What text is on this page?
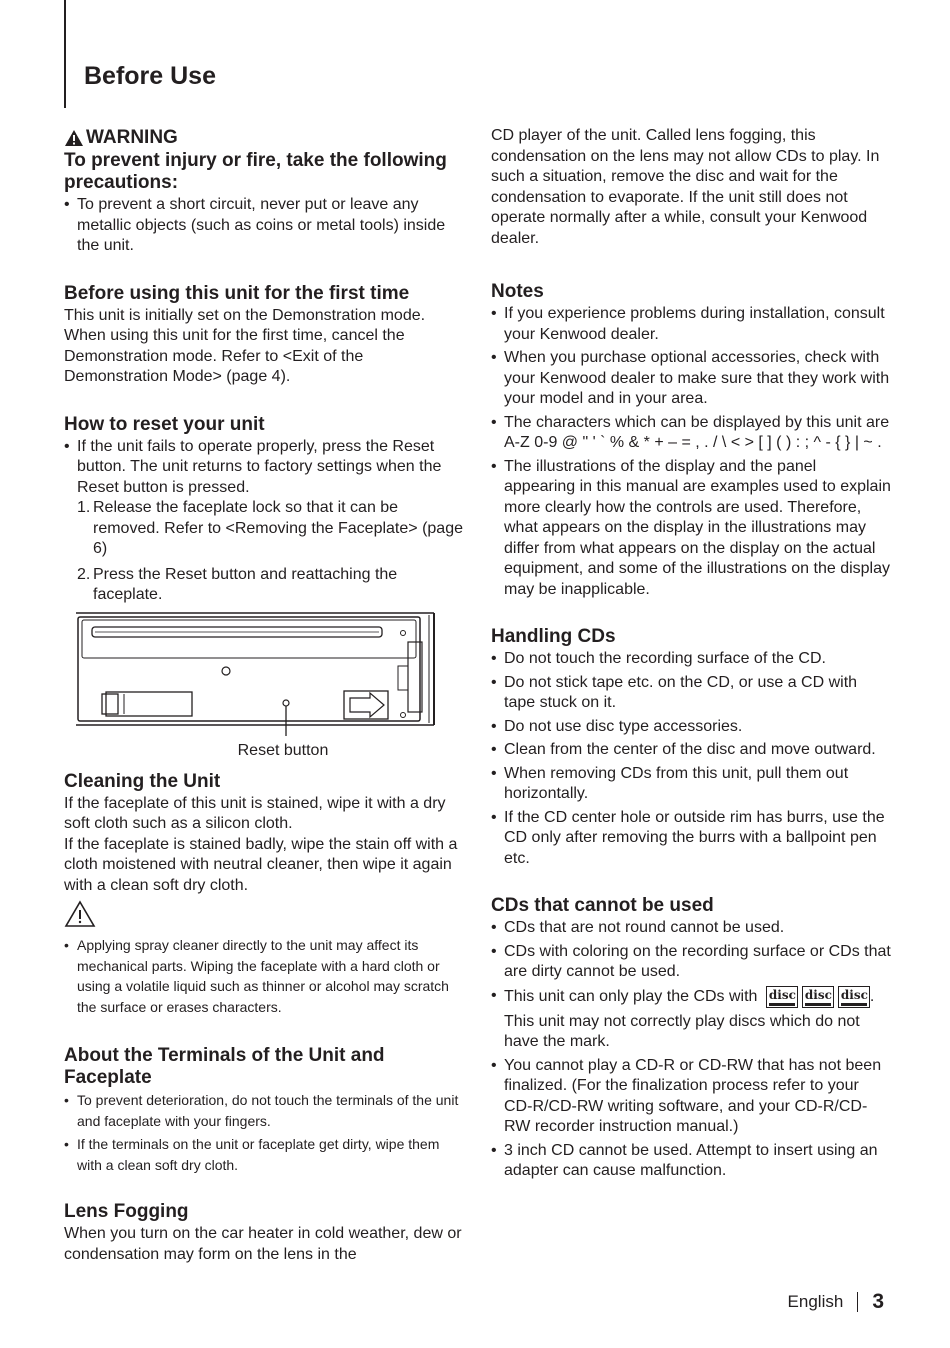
Before Use
WARNING
To prevent injury or fire, take the following precautions:
• To prevent a short circuit, never put or leave any metallic objects (such as coins or metal tools) inside the unit.
Before using this unit for the first time

This unit is initially set on the Demonstration mode. When using this unit for the first time, cancel the Demonstration mode. Refer to <Exit of the Demonstration Mode> (page 4).

How to reset your unit
• If the unit fails to operate properly, press the Reset button. The unit returns to factory settings when the Reset button is pressed.
1. Release the faceplate lock so that it can be removed. Refer to <Removing the Faceplate> (page 6)
2. Press the Reset button and reattaching the faceplate.
Reset button
Cleaning the Unit

If the faceplate of this unit is stained, wipe it with a dry soft cloth such as a silicon cloth.

If the faceplate is stained badly, wipe the stain off with a cloth moistened with neutral cleaner, then wipe it again with a clean soft dry cloth.

• Applying spray cleaner directly to the unit may affect its mechanical parts. Wiping the faceplate with a hard cloth or using a volatile liquid such as thinner or alcohol may scratch the surface or erases characters.
About the Terminals of the Unit and Faceplate
• To prevent deterioration, do not touch the terminals of the unit and faceplate with your fingers.
• If the terminals on the unit or faceplate get dirty, wipe them with a clean soft dry cloth.
Lens Fogging

When you turn on the car heater in cold weather, dew or condensation may form on the lens in the

CD player of the unit. Called lens fogging, this condensation on the lens may not allow CDs to play. In such a situation, remove the disc and wait for the condensation to evaporate. If the unit still does not operate normally after a while, consult your Kenwood dealer.

Notes
• If you experience problems during installation, consult your Kenwood dealer.
• When you purchase optional accessories, check with your Kenwood dealer to make sure that they work with your model and in your area.
• The characters which can be displayed by this unit are A-Z 0-9 @ " ' ` % & * + – = , . / \ < > [ ] ( ) : ; ^ - { } | ~ .
• The illustrations of the display and the panel appearing in this manual are examples used to explain more clearly how the controls are used. Therefore, what appears on the display in the illustrations may differ from what appears on the display on the actual equipment, and some of the illustrations on the display may be inapplicable.
Handling CDs
• Do not touch the recording surface of the CD.
• Do not stick tape etc. on the CD, or use a CD with tape stuck on it.
• Do not use disc type accessories.
• Clean from the center of the disc and move outward.
• When removing CDs from this unit, pull them out horizontally.
• If the CD center hole or outside rim has burrs, use the CD only after removing the burrs with a ballpoint pen etc.
CDs that cannot be used
• CDs that are not round cannot be used.
• CDs with coloring on the recording surface or CDs that are dirty cannot be used.
• This unit can only play the CDs with disc disc disc .

This unit may not correctly play discs which do not have the mark.

• You cannot play a CD-R or CD-RW that has not been finalized. (For the finalization process refer to your CD-R/CD-RW writing software, and your CD-R/CD-RW recorder instruction manual.)
• 3 inch CD cannot be used. Attempt to insert using an adapter can cause malfunction.
English 3
